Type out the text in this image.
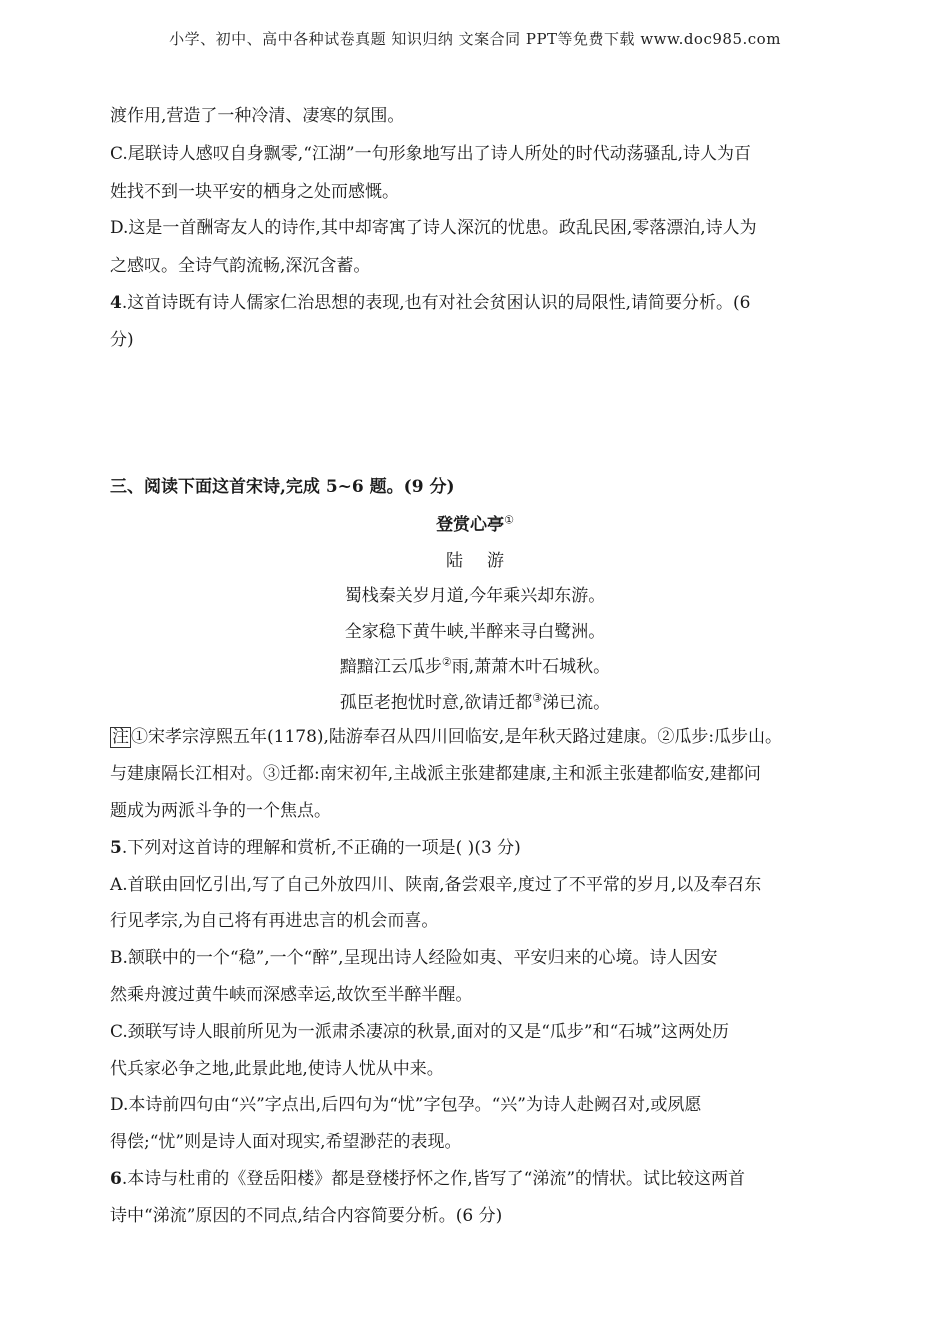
小学、初中、高中各种试卷真题 知识归纳 文案合同 PPT等免费下载 www.doc985.com
渡作用,营造了一种冷清、凄寒的氛围。
C.尾联诗人感叹自身飘零,“江湖”一句形象地写出了诗人所处的时代动荡骚乱,诗人为百
姓找不到一块平安的栖身之处而感慨。
D.这是一首酬寄友人的诗作,其中却寄寓了诗人深沉的忧患。政乱民困,零落漂泊,诗人为
之感叹。全诗气韵流畅,深沉含蓄。
4.这首诗既有诗人儒家仁治思想的表现,也有对社会贫困认识的局限性,请简要分析。(6
分)
三、阅读下面这首宋诗,完成 5~6 题。(9 分)
登赏心亭①
陆游
蜀栈秦关岁月道,今年乘兴却东游。
全家稳下黄牛峡,半醉来寻白鹭洲。
黯黯江云瓜步②雨,萧萧木叶石城秋。
孤臣老抱忧时意,欲请迁都③涕已流。
注 ①宋孝宗淳熙五年(1178),陆游奉召从四川回临安,是年秋天路过建康。②瓜步:瓜步山。
与建康隔长江相对。③迁都:南宋初年,主战派主张建都建康,主和派主张建都临安,建都问
题成为两派斗争的一个焦点。
5.下列对这首诗的理解和赏析,不正确的一项是( )(3 分)
A.首联由回忆引出,写了自己外放四川、陕南,备尝艰辛,度过了不平常的岁月,以及奉召东
行见孝宗,为自己将有再进忠言的机会而喜。
B.颔联中的一个“稳”,一个“醉”,呈现出诗人经险如夷、平安归来的心境。诗人因安
然乘舟渡过黄牛峡而深感幸运,故饮至半醉半醒。
C.颈联写诗人眼前所见为一派肃杀凄凉的秋景,面对的又是“瓜步”和“石城”这两处历
代兵家必争之地,此景此地,使诗人忧从中来。
D.本诗前四句由“兴”字点出,后四句为“忧”字包孕。“兴”为诗人赴阙召对,或夙愿
得偿;“忧”则是诗人面对现实,希望渺茫的表现。
6.本诗与杜甫的《登岳阳楼》都是登楼抒怀之作,皆写了“涕流”的情状。试比较这两首
诗中“涕流”原因的不同点,结合内容简要分析。(6 分)
